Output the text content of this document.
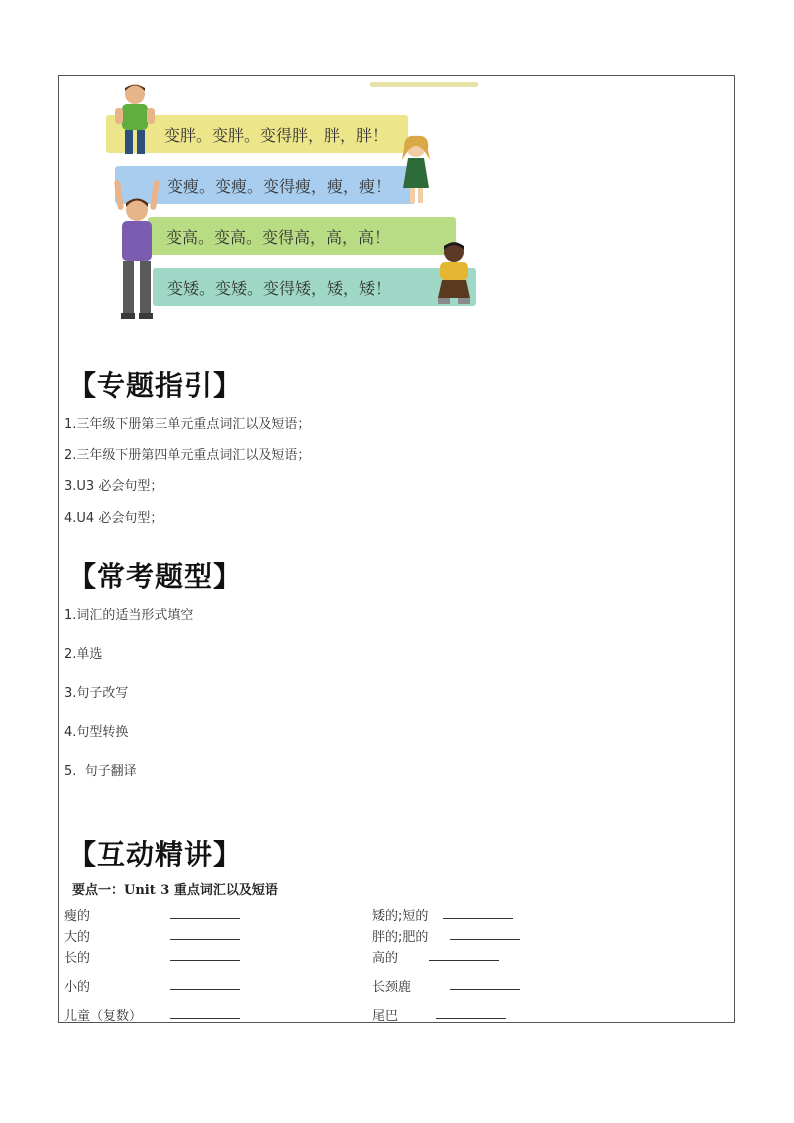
变胖。变胖。变得胖，胖，胖！
变瘦。变瘦。变得瘦，瘦，瘦！
变高。变高。变得高，高，高！
变矮。变矮。变得矮，矮，矮！
【专题指引】
1.三年级下册第三单元重点词汇以及短语；
2.三年级下册第四单元重点词汇以及短语；
3.U3 必会句型；
4.U4 必会句型；
【常考题型】
1.词汇的适当形式填空
2.单选
3.句子改写
4.句型转换
5.  句子翻译
【互动精讲】
要点一：Unit 3 重点词汇以及短语
瘦的
大的
长的
小的
儿童（复数）
矮的;短的
胖的;肥的
高的
长颈鹿
尾巴
